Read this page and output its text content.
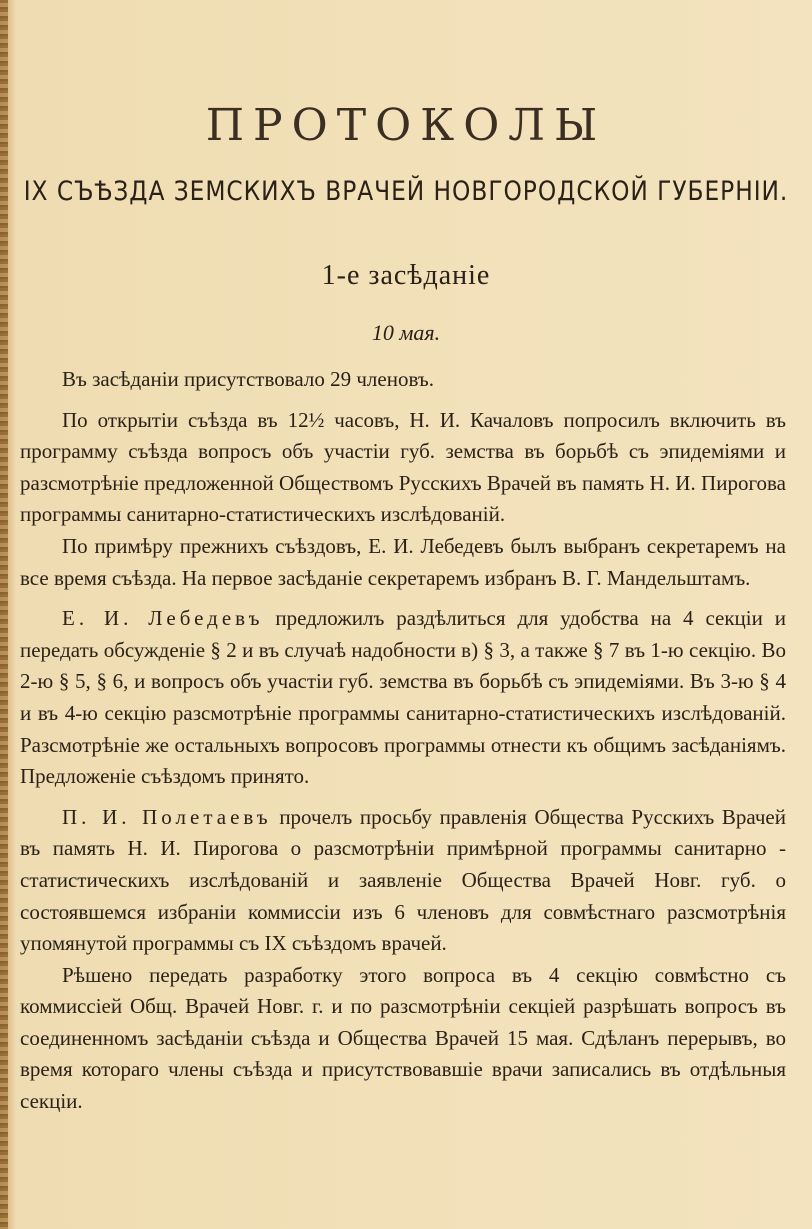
ПРОТОКОЛЫ
IX СЪѢЗДА ЗЕМСКИХЪ ВРАЧЕЙ НОВГОРОДСКОЙ ГУБЕРНІИ.
1-е засѣданіе
10 мая.

Въ засѣданіи присутствовало 29 членовъ.

По открытіи съѣзда въ 12½ часовъ, Н. И. Качаловъ попросилъ включить въ программу съѣзда вопросъ объ участіи губ. земства въ борьбѣ съ эпидеміями и разсмотрѣніе предложенной Обществомъ Русскихъ Врачей въ память Н. И. Пирогова программы санитарно-статистическихъ изслѣдованій.

По примѣру прежнихъ съѣздовъ, Е. И. Лебедевъ былъ выбранъ секретаремъ на все время съѣзда. На первое засѣданіе секретаремъ избранъ В. Г. Мандельштамъ.

Е. И. Лебедевъ предложилъ раздѣлиться для удобства на 4 секціи и передать обсужденіе § 2 и въ случаѣ надобности в) § 3, а также § 7 въ 1-ю секцію. Во 2-ю § 5, § 6, и вопросъ объ участіи губ. земства въ борьбѣ съ эпидеміями. Въ 3-ю § 4 и въ 4-ю секцію разсмотрѣніе программы санитарно-статистическихъ изслѣдованій. Разсмотрѣніе же остальныхъ вопросовъ программы отнести къ общимъ засѣданіямъ. Предложеніе съѣздомъ принято.

П. И. Полетаевъ прочелъ просьбу правленія Общества Русскихъ Врачей въ память Н. И. Пирогова о разсмотрѣніи примѣрной программы санитарно - статистическихъ изслѣдованій и заявленіе Общества Врачей Новг. губ. о состоявшемся избраніи коммиссіи изъ 6 членовъ для совмѣстнаго разсмотрѣнія упомянутой программы съ IX съѣздомъ врачей.

Рѣшено передать разработку этого вопроса въ 4 секцію совмѣстно съ коммиссіей Общ. Врачей Новг. г. и по разсмотрѣніи секціей разрѣшать вопросъ въ соединенномъ засѣданіи съѣзда и Общества Врачей 15 мая. Сдѣланъ перерывъ, во время котораго члены съѣзда и присутствовавшіе врачи записались въ отдѣльныя секціи.
